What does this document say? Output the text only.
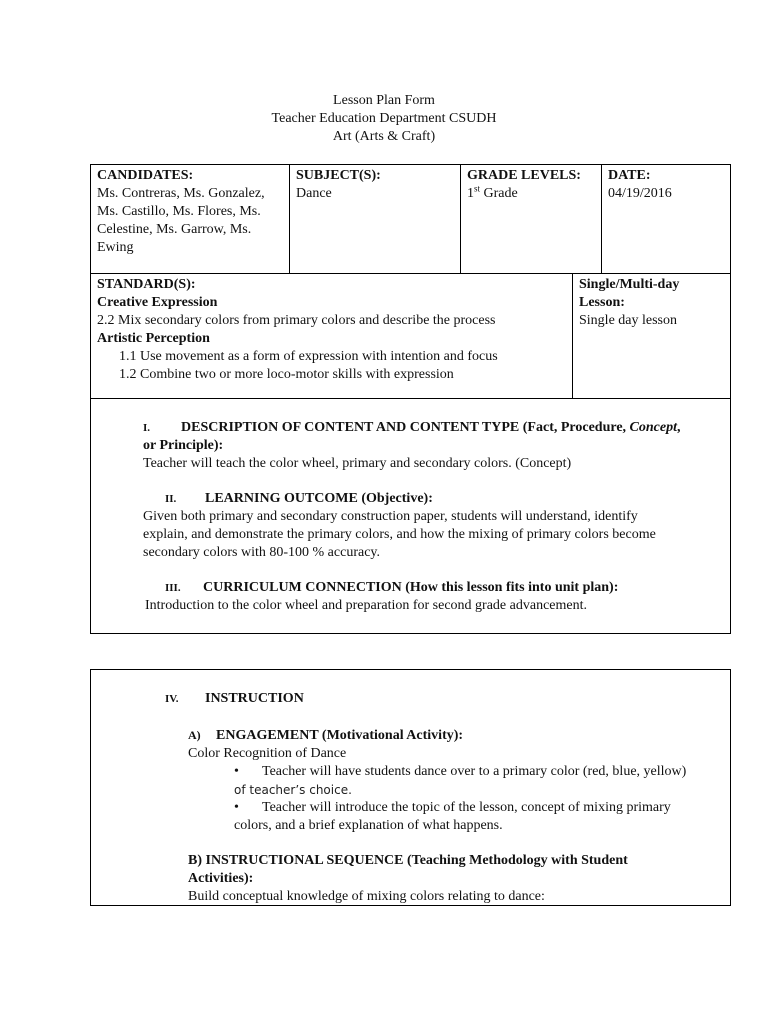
Lesson Plan Form
Teacher Education Department CSUDH
Art (Arts & Craft)
CANDIDATES:
Ms. Contreras, Ms. Gonzalez,
Ms. Castillo, Ms. Flores, Ms.
Celestine, Ms. Garrow, Ms.
Ewing
SUBJECT(S):
Dance
GRADE LEVELS:
1st Grade
DATE:
04/19/2016
STANDARD(S):
Creative Expression
2.2 Mix secondary colors from primary colors and describe the process
Artistic Perception
1.1 Use movement as a form of expression with intention and focus
1.2 Combine two or more loco-motor skills with expression
Single/Multi-day
Lesson:
Single day lesson
I. DESCRIPTION OF CONTENT AND CONTENT TYPE (Fact, Procedure, Concept,
or Principle):
Teacher will teach the color wheel, primary and secondary colors. (Concept)
II. LEARNING OUTCOME (Objective):
Given both primary and secondary construction paper, students will understand, identify
explain, and demonstrate the primary colors, and how the mixing of primary colors become
secondary colors with 80-100 % accuracy.
III. CURRICULUM CONNECTION (How this lesson fits into unit plan):
Introduction to the color wheel and preparation for second grade advancement.
IV. INSTRUCTION
A) ENGAGEMENT (Motivational Activity):
Color Recognition of Dance
• Teacher will have students dance over to a primary color (red, blue, yellow)
of teacher’s choice.
• Teacher will introduce the topic of the lesson, concept of mixing primary
colors, and a brief explanation of what happens.
B) INSTRUCTIONAL SEQUENCE (Teaching Methodology with Student
Activities):
Build conceptual knowledge of mixing colors relating to dance:
